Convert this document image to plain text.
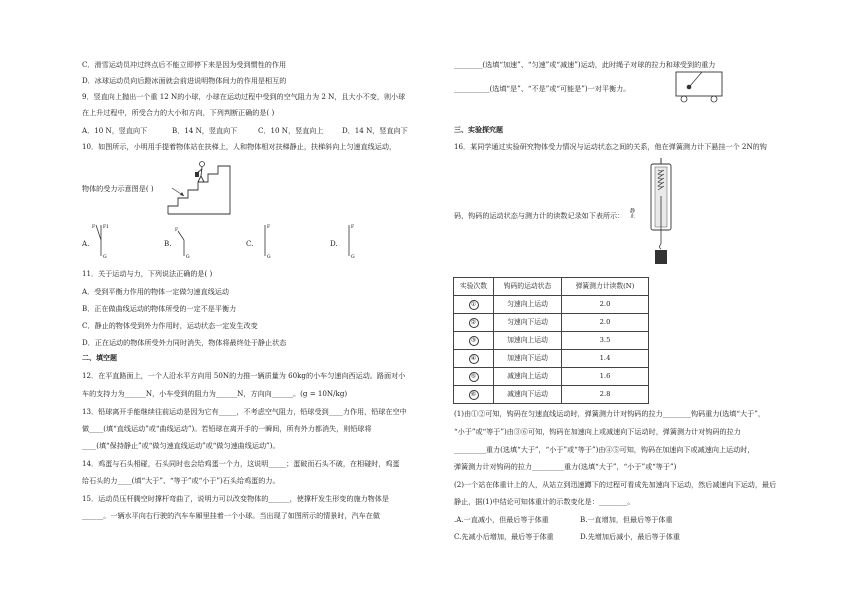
C．滑雪运动员冲过终点后不能立即停下来是因为受到惯性的作用

D．冰球运动员向后蹬冰面就会前进说明物体间力的作用是相互的

9．竖直向上抛出一个重 12 N的小球，小球在运动过程中受到的空气阻力为 2 N，且大小不变，则小球

在上升过程中，所受合力的大小和方向，下列判断正确的是( )

A．10 N，竖直向下	B．14 N，竖直向下	C．10 N，竖直向上	D．14 N，竖直向下

10．如图所示，小明用手提着物体站在扶梯上，人和物体相对扶梯静止，扶梯斜向上匀速直线运动，

物体的受力示意图是( )

A.

F F1
G

B.

F
G

C.

F
G

D.

F
G

11．关于运动与力，下列说法正确的是( )

A．受到平衡力作用的物体一定做匀速直线运动

B．正在做曲线运动的物体所受的一定不是平衡力

C．静止的物体受到外力作用时，运动状态一定发生改变

D．正在运动的物体所受外力同时消失，物体将最终处于静止状态

二、填空题

12．在平直路面上，一个人沿水平方向用 50N的力推一辆质量为 60kg的小车匀速向西运动。路面对小

车的支持力为______N，小车受到的阻力为______N，方向向______。(g = 10N/kg)

13．铅球离开手能继续往前运动是因为它有_____，不考虑空气阻力，铅球受到____力作用，铅球在空中

做____(填“直线运动”或“曲线运动”)。若铅球在离开手的一瞬间，所有外力都消失，则铅球将

____(填“保持静止”或“做匀速直线运动”或“做匀速曲线运动”)。

14．鸡蛋与石头相碰，石头同时也会给鸡蛋一个力，这说明_____；蛋破而石头不破，在相碰时，鸡蛋

给石头的力____(填“大于”、“等于”或“小于”)石头给鸡蛋的力。

15．运动员压杆腾空时撑杆弯曲了，说明力可以改变物体的______，使撑杆发生形变的施力物体是

______。一辆水平向右行驶的汽车车厢里挂着一个小球。当出现了如图所示的情景时，汽车在做

________(选填“加速”、“匀速”或“减速”)运动，此时绳子对球的拉力和球受到的重力

__________(选填“是”、“不是”或“可能是”)一对平衡力。

三、实验探究题

16．某同学通过实验研究物体受力情况与运动状态之间的关系，他在弹簧测力计下悬挂一个 2N的钩

静止

码，钩码的运动状态与测力计的读数记录如下表所示：

实验次数	钩码的运动状态	弹簧测力计读数(N)
①	匀速向上运动	2.0
②	匀速向下运动	2.0
③	加速向上运动	3.5
④	加速向下运动	1.4
⑤	减速向上运动	1.6
⑥	减速向下运动	2.8

(1)由①②可知，钩码在匀速直线运动时，弹簧测力计对钩码的拉力________钩码重力(选填“大于”，

“小于”或“等于”)由③⑥可知，钩码在加速向上或减速向下运动时，弹簧测力计对钩码的拉力

_________重力(选填“大于”，“小于”或“等于”)由④⑤可知，钩码在加速向下或减速向上运动时，

弹簧测力计对钩码的拉力_________重力(选填“大于”，“小于”或“等于”)

(2)一个站在体重计上的人，从站立到迅速蹲下的过程可看成先加速向下运动，然后减速向下运动，最后

静止，据(1)中结论可知体重计的示数变化是：________。

.A.一直减小，但最后等于体重	B.一直增加，但最后等于体重

C.先减小后增加，最后等于体重	D.先增加后减小，最后等于体重
